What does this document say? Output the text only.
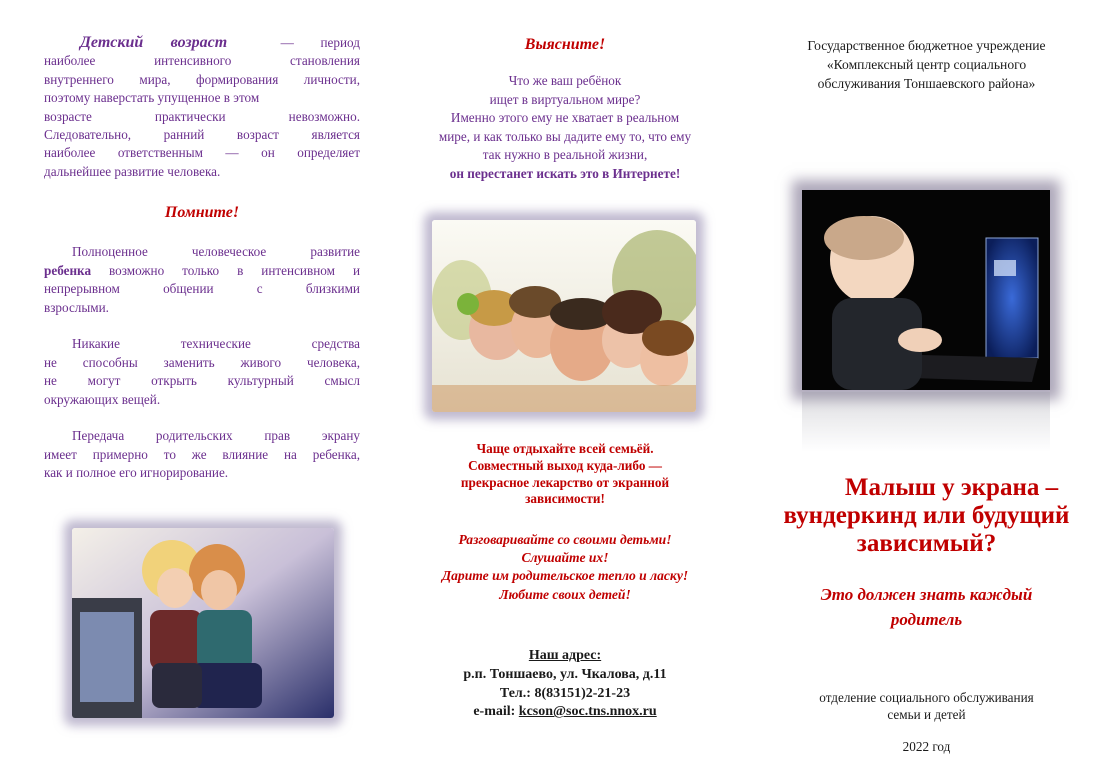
Детский возраст	— период
наиболее интенсивного становления
внутреннего мира, формирования личности,
поэтому наверстать упущенное в этом
возрасте практически невозможно.
Следовательно, ранний возраст является
наиболее ответственным — он определяет
дальнейшее развитие человека.
Помните!
Полноценное человеческое развитие
ребенка возможно только в интенсивном и
непрерывном общении с близкими
взрослыми.
Никакие технические средства
не способны заменить живого человека,
не могут открыть культурный смысл
окружающих вещей.
Передача родительских прав экрану
имеет примерно то же влияние на ребенка,
как и полное его игнорирование.
Выясните!
Что же ваш ребёнок
ищет в виртуальном мире?
Именно этого ему не хватает в реальном
мире, и как только вы дадите ему то, что ему
так нужно в реальной жизни,
он перестанет искать это в Интернете!
Чаще отдыхайте всей семьёй.
Совместный выход куда-либо —
прекрасное лекарство от экранной
зависимости!
Разговаривайте со своими детьми!
Слушайте их!
Дарите им родительское тепло и ласку!
Любите своих детей!
Наш адрес:
р.п. Тоншаево, ул. Чкалова, д.11
Тел.: 8(83151)2-21-23
e-mail: kcson@soc.tns.nnox.ru
Государственное бюджетное учреждение
«Комплексный центр социального
обслуживания Тоншаевского района»
Малыш у экрана –
вундеркинд или будущий
зависимый?
Это должен знать каждый
родитель
отделение социального обслуживания
семьи и детей
2022 год
